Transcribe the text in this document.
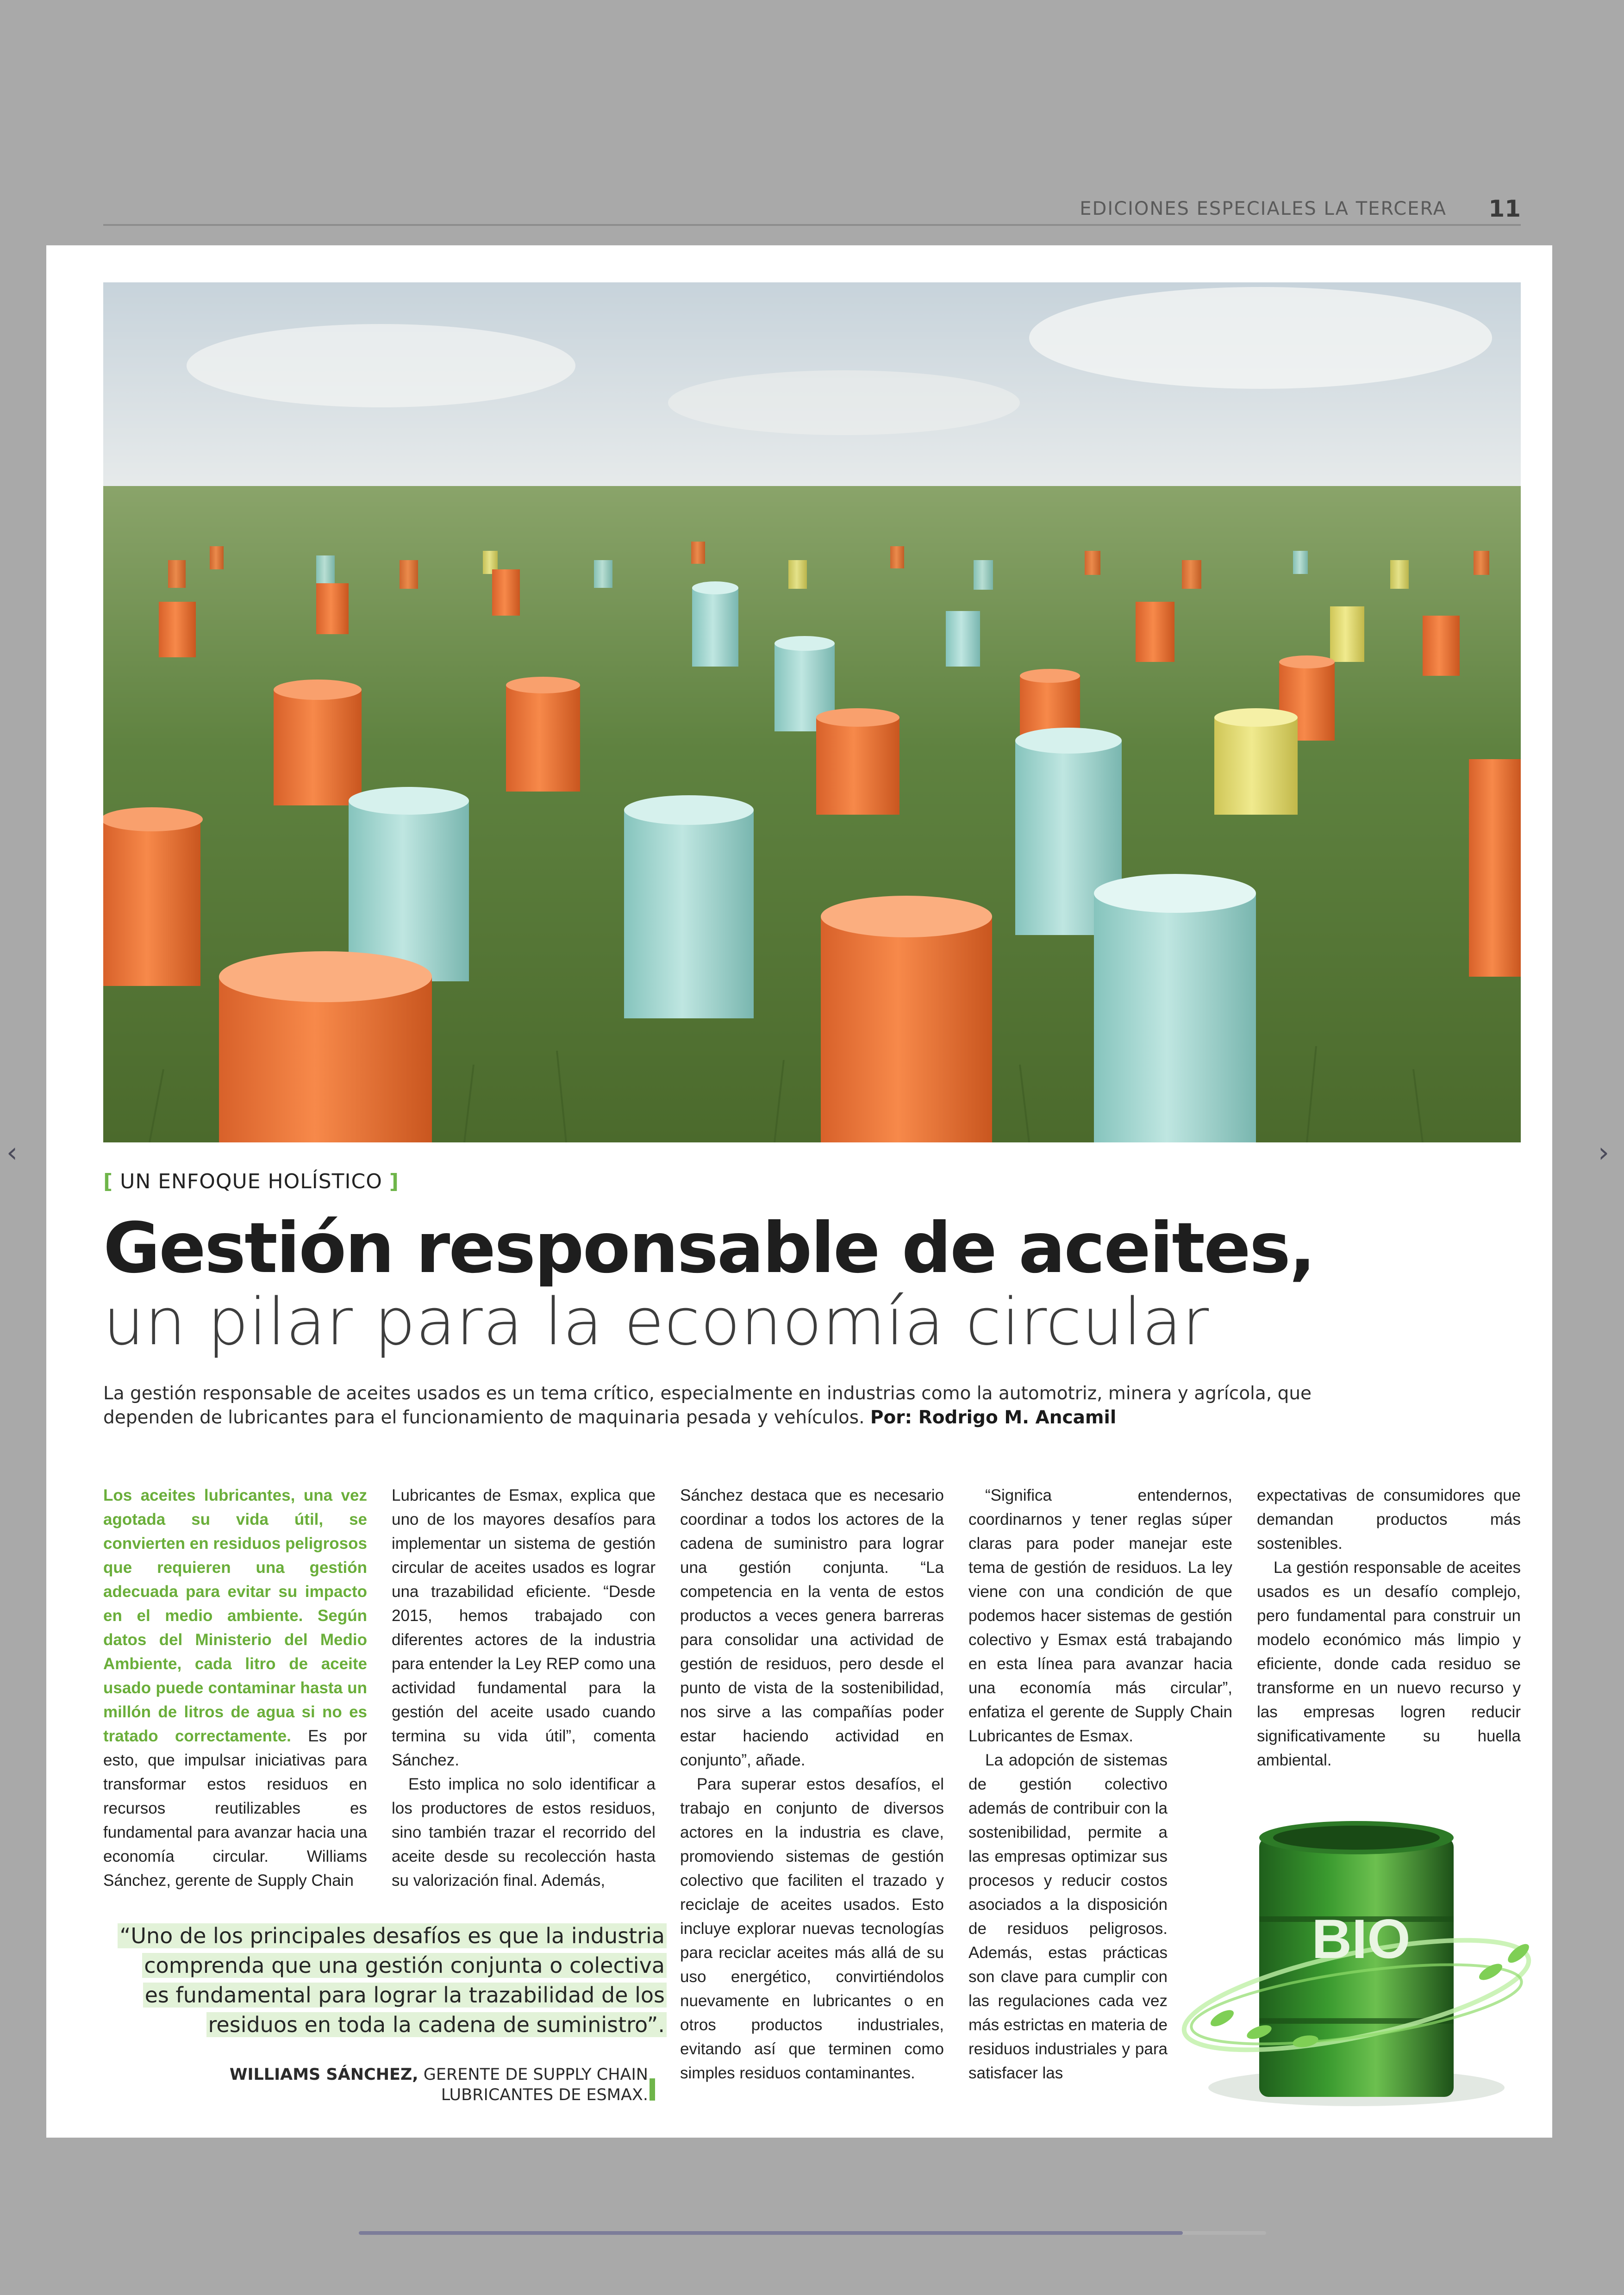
EDICIONES ESPECIALES LA TERCERA 11
‹	›
[ UN ENFOQUE HOLÍSTICO ]
Gestión responsable de aceites,
un pilar para la economía circular
La gestión responsable de aceites usados es un tema crítico, especialmente en industrias como la automotriz, minera y agrícola, que dependen de lubricantes para el funcionamiento de maquinaria pesada y vehículos. Por: Rodrigo M. Ancamil

Los aceites lubricantes, una vez agotada su vida útil, se convierten en residuos peligrosos que requieren una gestión adecuada para evitar su impacto en el medio ambiente. Según datos del Ministerio del Medio Ambiente, cada litro de aceite usado puede contaminar hasta un millón de litros de agua si no es tratado correctamente. Es por esto, que impulsar iniciativas para transformar estos residuos en recursos reutilizables es fundamental para avanzar hacia una economía circular. Williams Sánchez, gerente de Supply Chain

Lubricantes de Esmax, explica que uno de los mayores desafíos para implementar un sistema de gestión circular de aceites usados es lograr una trazabilidad eficiente. “Desde 2015, hemos trabajado con diferentes actores de la industria para entender la Ley REP como una actividad fundamental para la gestión del aceite usado cuando termina su vida útil”, comenta Sánchez.

Esto implica no solo identificar a los productores de estos residuos, sino también trazar el recorrido del aceite desde su recolección hasta su valorización final. Además,

Sánchez destaca que es necesario coordinar a todos los actores de la cadena de suministro para lograr una gestión conjunta. “La competencia en la venta de estos productos a veces genera barreras para consolidar una actividad de gestión de residuos, pero desde el punto de vista de la sostenibilidad, nos sirve a las compañías poder estar haciendo actividad en conjunto”, añade.

Para superar estos desafíos, el trabajo en conjunto de diversos actores en la industria es clave, promoviendo sistemas de gestión colectivo que faciliten el trazado y reciclaje de aceites usados. Esto incluye explorar nuevas tecnologías para reciclar aceites más allá de su uso energético, convirtiéndolos nuevamente en lubricantes o en otros productos industriales, evitando así que terminen como simples residuos contaminantes.

“Significa entendernos, coordinarnos y tener reglas súper claras para poder manejar este tema de gestión de residuos. La ley viene con una condición de que podemos hacer sistemas de gestión colectivo y Esmax está trabajando en esta línea para avanzar hacia una economía más circular”, enfatiza el gerente de Supply Chain Lubricantes de Esmax.

La adopción de sistemas de gestión colectivo además de contribuir con la sostenibilidad, permite a las empresas optimizar sus procesos y reducir costos asociados a la disposición de residuos peligrosos. Además, estas prácticas son clave para cumplir con las regulaciones cada vez más estrictas en materia de residuos industriales y para satisfacer las

expectativas de consumidores que demandan productos más sostenibles.

La gestión responsable de aceites usados es un desafío complejo, pero fundamental para construir un modelo económico más limpio y eficiente, donde cada residuo se transforme en un nuevo recurso y las empresas logren reducir significativamente su huella ambiental.

“Uno de los principales desafíos es que la industria comprenda que una gestión conjunta o colectiva es fundamental para lograr la trazabilidad de los residuos en toda la cadena de suministro”.
WILLIAMS SÁNCHEZ, GERENTE DE SUPPLY CHAIN LUBRICANTES DE ESMAX.
BIO
